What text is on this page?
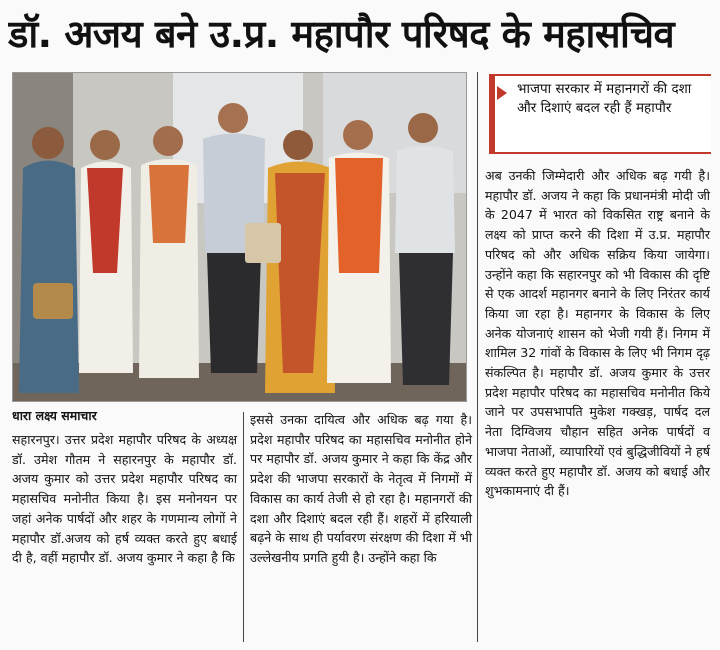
डॉ. अजय बने उ.प्र. महापौर परिषद के महासचिव
धारा लक्ष्य समाचार
भाजपा सरकार में महानगरों की दशा और दिशाएं बदल रही हैं महापौर

सहारनपुर। उत्तर प्रदेश महापौर परिषद के अध्यक्ष डॉ. उमेश गौतम ने सहारनपुर के महापौर डॉ. अजय कुमार को उत्तर प्रदेश महापौर परिषद का महासचिव मनोनीत किया है। इस मनोनयन पर जहां अनेक पार्षदों और शहर के गणमान्य लोगों ने महापौर डॉ.अजय को हर्ष व्यक्त करते हुए बधाई दी है, वहीं महापौर डॉ. अजय कुमार ने कहा है कि

इससे उनका दायित्व और अधिक बढ़ गया है। प्रदेश महापौर परिषद का महासचिव मनोनीत होने पर महापौर डॉ. अजय कुमार ने कहा कि केंद्र और प्रदेश की भाजपा सरकारों के नेतृत्व में निगमों में विकास का कार्य तेजी से हो रहा है। महानगरों की दशा और दिशाएं बदल रही हैं। शहरों में हरियाली बढ़ने के साथ ही पर्यावरण संरक्षण की दिशा में भी उल्लेखनीय प्रगति हुयी है। उन्होंने कहा कि

अब उनकी जिम्मेदारी और अधिक बढ़ गयी है। महापौर डॉ. अजय ने कहा कि प्रधानमंत्री मोदी जी के 2047 में भारत को विकसित राष्ट्र बनाने के लक्ष्य को प्राप्त करने की दिशा में उ.प्र. महापौर परिषद को और अधिक सक्रिय किया जायेगा। उन्होंने कहा कि सहारनपुर को भी विकास की दृष्टि से एक आदर्श महानगर बनाने के लिए निरंतर कार्य किया जा रहा है। महानगर के विकास के लिए अनेक योजनाएं शासन को भेजी गयी हैं। निगम में शामिल 32 गांवों के विकास के लिए भी निगम दृढ़ संकल्पित है। महापौर डॉ. अजय कुमार के उत्तर प्रदेश महापौर परिषद का महासचिव मनोनीत किये जाने पर उपसभापति मुकेश गक्खड़, पार्षद दल नेता दिग्विजय चौहान सहित अनेक पार्षदों व भाजपा नेताओं, व्यापारियों एवं बुद्धिजीवियों ने हर्ष व्यक्त करते हुए महापौर डॉ. अजय को बधाई और शुभकामनाएं दी हैं।
